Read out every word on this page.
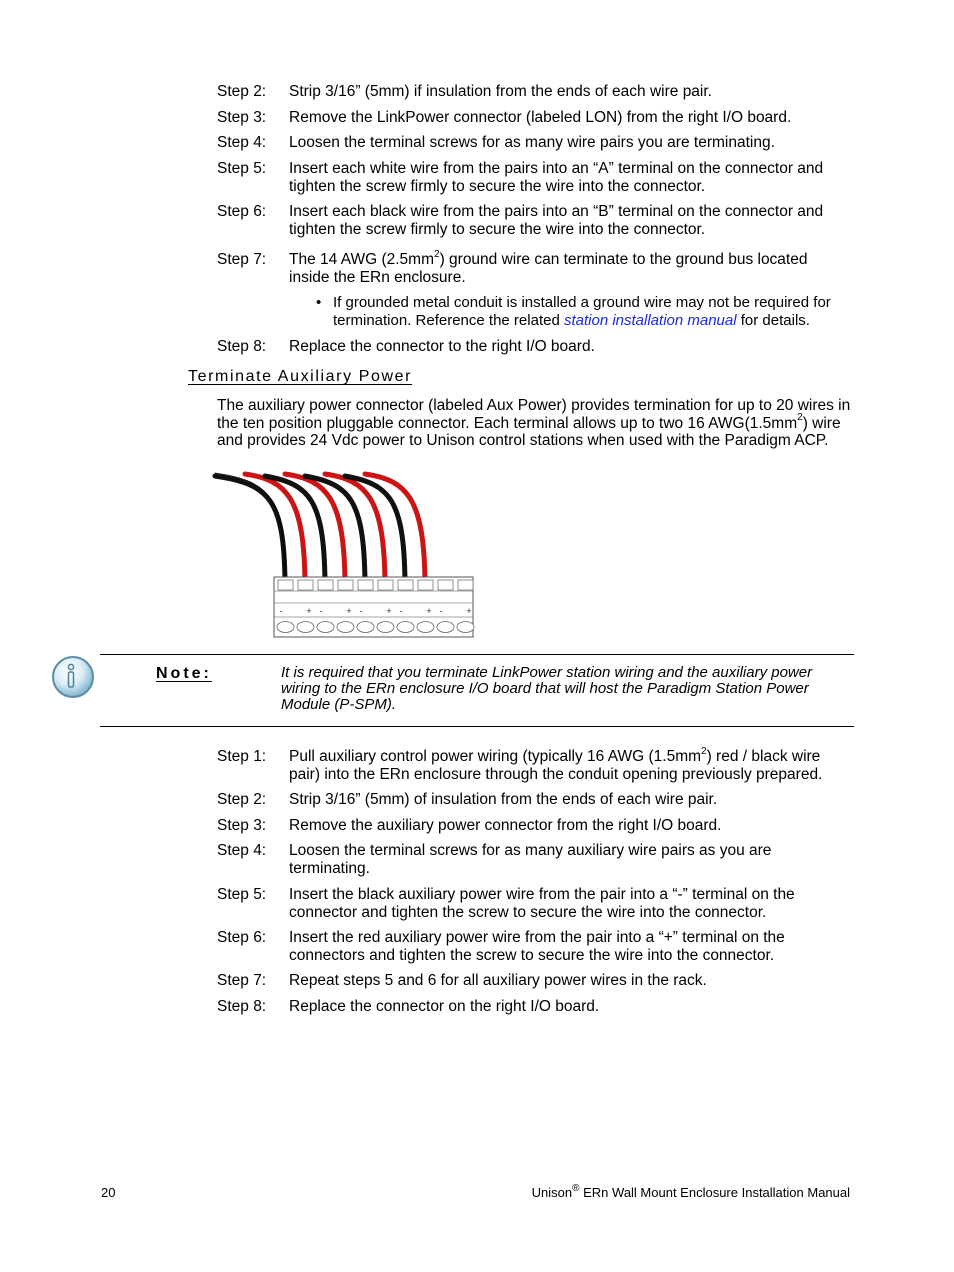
Step 2: Strip 3/16” (5mm) if insulation from the ends of each wire pair.
Step 3: Remove the LinkPower connector (labeled LON) from the right I/O board.
Step 4: Loosen the terminal screws for as many wire pairs you are terminating.
Step 5: Insert each white wire from the pairs into an “A” terminal on the connector and tighten the screw firmly to secure the wire into the connector.
Step 6: Insert each black wire from the pairs into an “B” terminal on the connector and tighten the screw firmly to secure the wire into the connector.
Step 7: The 14 AWG $(2.5mm^2)$ ground wire can terminate to the ground bus located inside the ERn enclosure.
• If grounded metal conduit is installed a ground wire may not be required for termination. Reference the related station installation manual for details.
Step 8: Replace the connector to the right I/O board.
Terminate Auxiliary Power
The auxiliary power connector (labeled Aux Power) provides termination for up to 20 wires in the ten position pluggable connector. Each terminal allows up to two 16 $AWG(1.5mm^2)$ wire and provides 24 Vdc power to Unison control stations when used with the Paradigm ACP.
-	+ -	+ -	+ -	+ -	+
Note:	It is required that you terminate LinkPower station wiring and the auxiliary power wiring to the ERn enclosure I/O board that will host the Paradigm Station Power Module (P-SPM).
Step 1: Pull auxiliary control power wiring (typically 16 AWG $(1.5mm^2)$ red / black wire pair) into the ERn enclosure through the conduit opening previously prepared.
Step 2: Strip 3/16” (5mm) of insulation from the ends of each wire pair.
Step 3: Remove the auxiliary power connector from the right I/O board.
Step 4: Loosen the terminal screws for as many auxiliary wire pairs as you are terminating.
Step 5: Insert the black auxiliary power wire from the pair into a “-” terminal on the connector and tighten the screw to secure the wire into the connector.
Step 6: Insert the red auxiliary power wire from the pair into a “+” terminal on the connectors and tighten the screw to secure the wire into the connector.
Step 7: Repeat steps 5 and 6 for all auxiliary power wires in the rack.
Step 8: Replace the connector on the right I/O board.
20	Unison® ERn Wall Mount Enclosure Installation Manual
